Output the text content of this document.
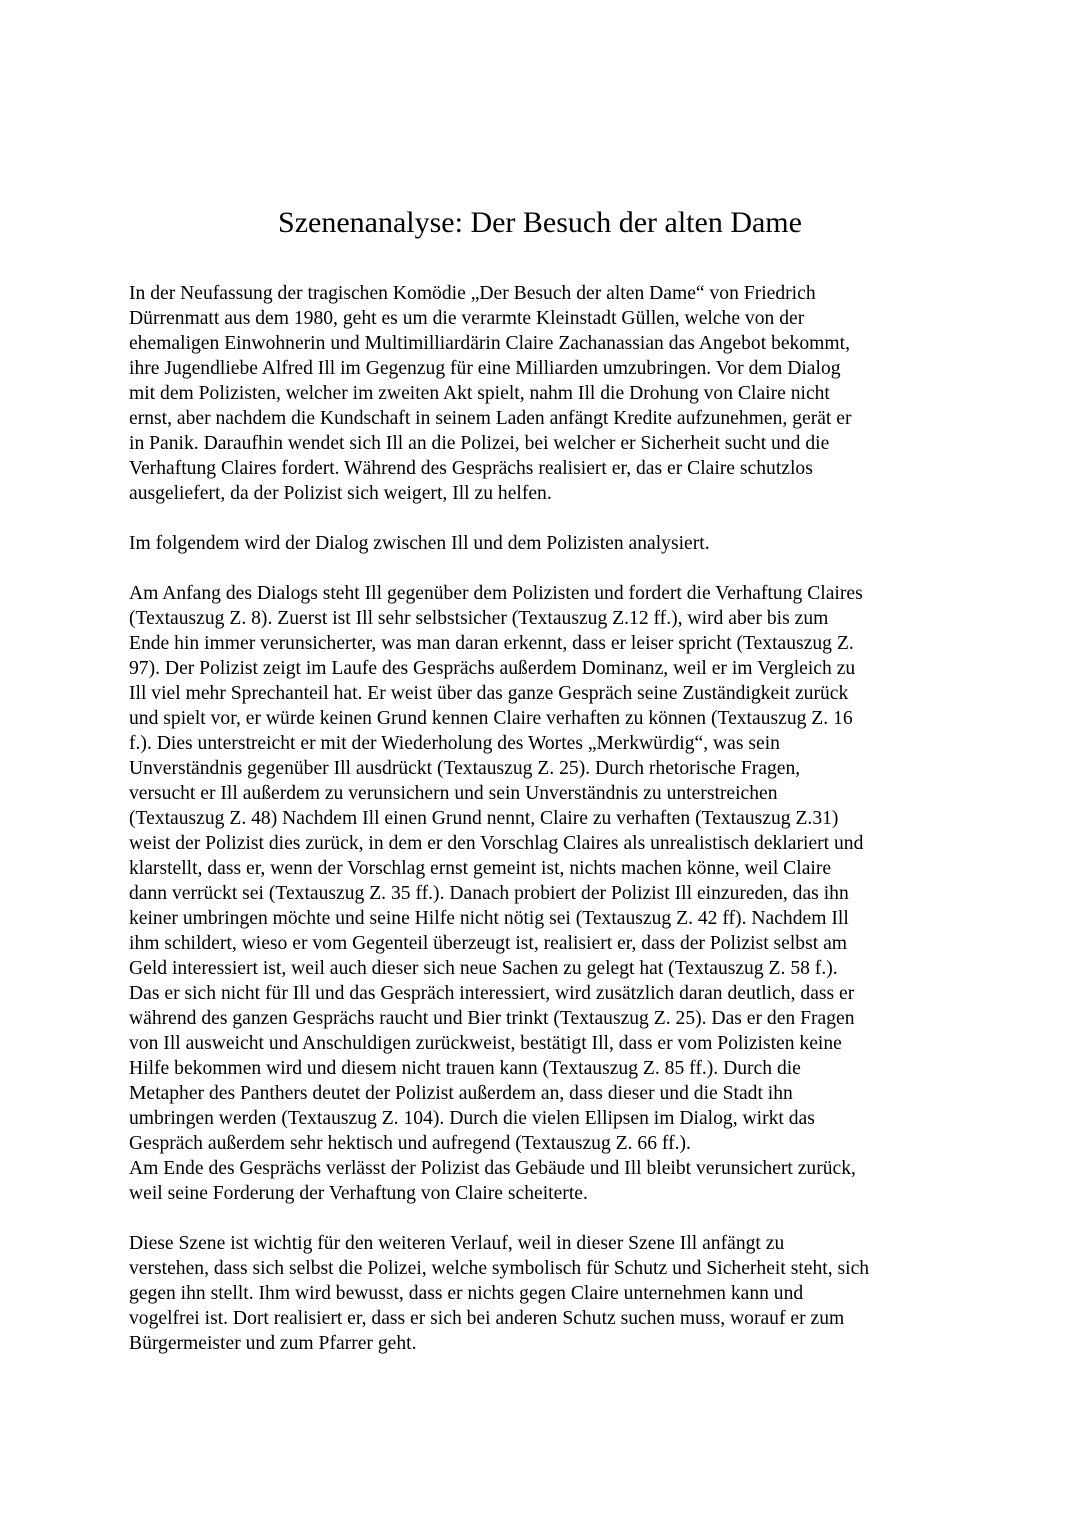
Szenenanalyse: Der Besuch der alten Dame
In der Neufassung der tragischen Komödie „Der Besuch der alten Dame“ von Friedrich
Dürrenmatt aus dem 1980, geht es um die verarmte Kleinstadt Güllen, welche von der
ehemaligen Einwohnerin und Multimilliardärin Claire Zachanassian das Angebot bekommt,
ihre Jugendliebe Alfred Ill im Gegenzug für eine Milliarden umzubringen. Vor dem Dialog
mit dem Polizisten, welcher im zweiten Akt spielt, nahm Ill die Drohung von Claire nicht
ernst, aber nachdem die Kundschaft in seinem Laden anfängt Kredite aufzunehmen, gerät er
in Panik. Daraufhin wendet sich Ill an die Polizei, bei welcher er Sicherheit sucht und die
Verhaftung Claires fordert. Während des Gesprächs realisiert er, das er Claire schutzlos
ausgeliefert, da der Polizist sich weigert, Ill zu helfen.
Im folgendem wird der Dialog zwischen Ill und dem Polizisten analysiert.
Am Anfang des Dialogs steht Ill gegenüber dem Polizisten und fordert die Verhaftung Claires
(Textauszug Z. 8). Zuerst ist Ill sehr selbstsicher (Textauszug Z.12 ff.), wird aber bis zum
Ende hin immer verunsicherter, was man daran erkennt, dass er leiser spricht (Textauszug Z.
97). Der Polizist zeigt im Laufe des Gesprächs außerdem Dominanz, weil er im Vergleich zu
Ill viel mehr Sprechanteil hat. Er weist über das ganze Gespräch seine Zuständigkeit zurück
und spielt vor, er würde keinen Grund kennen Claire verhaften zu können (Textauszug Z. 16
f.). Dies unterstreicht er mit der Wiederholung des Wortes „Merkwürdig“, was sein
Unverständnis gegenüber Ill ausdrückt (Textauszug Z. 25). Durch rhetorische Fragen,
versucht er Ill außerdem zu verunsichern und sein Unverständnis zu unterstreichen
(Textauszug Z. 48) Nachdem Ill einen Grund nennt, Claire zu verhaften (Textauszug Z.31)
weist der Polizist dies zurück, in dem er den Vorschlag Claires als unrealistisch deklariert und
klarstellt, dass er, wenn der Vorschlag ernst gemeint ist, nichts machen könne, weil Claire
dann verrückt sei (Textauszug Z. 35 ff.). Danach probiert der Polizist Ill einzureden, das ihn
keiner umbringen möchte und seine Hilfe nicht nötig sei (Textauszug Z. 42 ff). Nachdem Ill
ihm schildert, wieso er vom Gegenteil überzeugt ist, realisiert er, dass der Polizist selbst am
Geld interessiert ist, weil auch dieser sich neue Sachen zu gelegt hat (Textauszug Z. 58 f.).
Das er sich nicht für Ill und das Gespräch interessiert, wird zusätzlich daran deutlich, dass er
während des ganzen Gesprächs raucht und Bier trinkt (Textauszug Z. 25). Das er den Fragen
von Ill ausweicht und Anschuldigen zurückweist, bestätigt Ill, dass er vom Polizisten keine
Hilfe bekommen wird und diesem nicht trauen kann (Textauszug Z. 85 ff.). Durch die
Metapher des Panthers deutet der Polizist außerdem an, dass dieser und die Stadt ihn
umbringen werden (Textauszug Z. 104). Durch die vielen Ellipsen im Dialog, wirkt das
Gespräch außerdem sehr hektisch und aufregend (Textauszug Z. 66 ff.).
Am Ende des Gesprächs verlässt der Polizist das Gebäude und Ill bleibt verunsichert zurück,
weil seine Forderung der Verhaftung von Claire scheiterte.
Diese Szene ist wichtig für den weiteren Verlauf, weil in dieser Szene Ill anfängt zu
verstehen, dass sich selbst die Polizei, welche symbolisch für Schutz und Sicherheit steht, sich
gegen ihn stellt. Ihm wird bewusst, dass er nichts gegen Claire unternehmen kann und
vogelfrei ist. Dort realisiert er, dass er sich bei anderen Schutz suchen muss, worauf er zum
Bürgermeister und zum Pfarrer geht.
